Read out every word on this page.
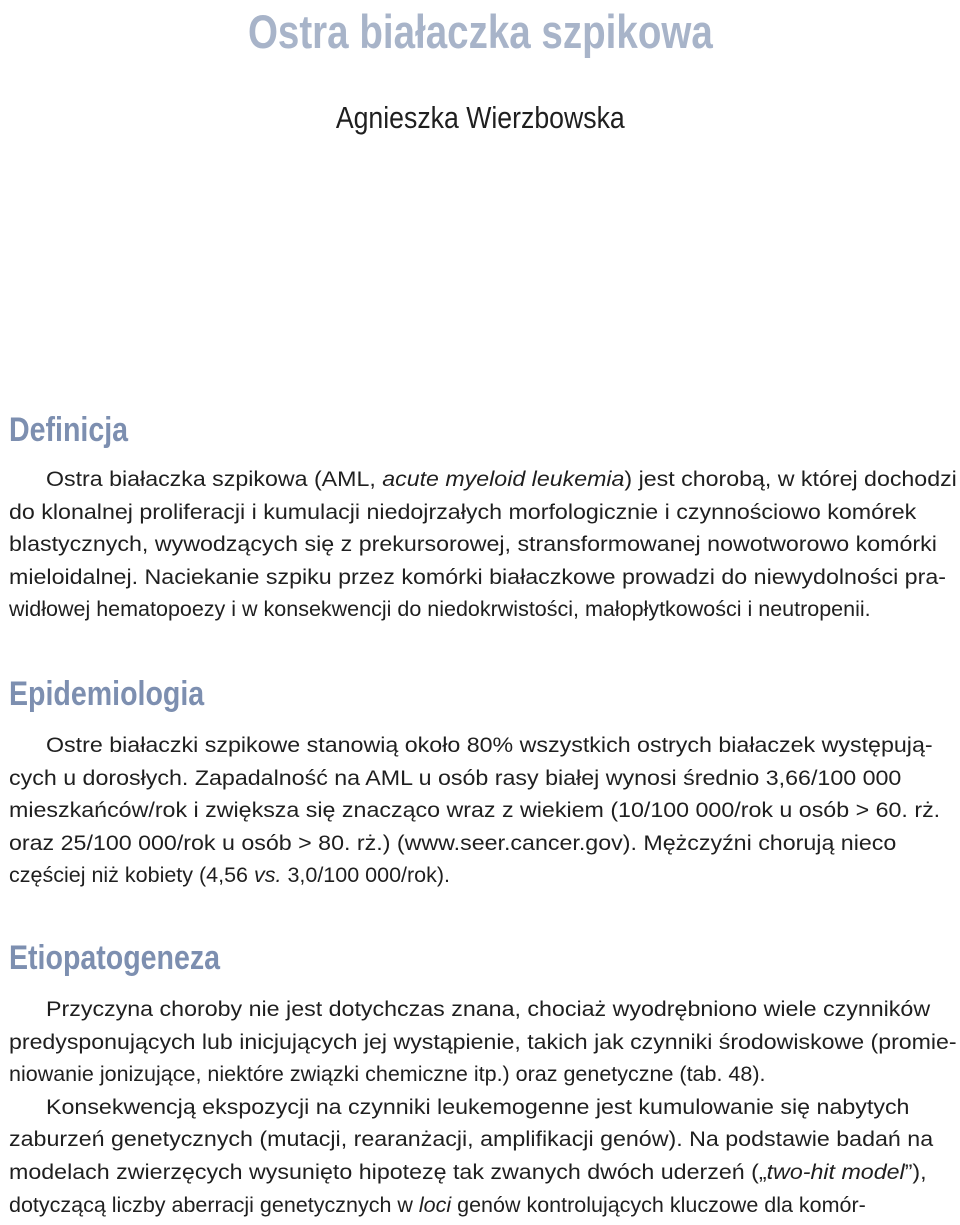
Ostra białaczka szpikowa
Agnieszka Wierzbowska
Definicja
Ostra białaczka szpikowa (AML, acute myeloid leukemia) jest chorobą, w której dochodzi
do klonalnej proliferacji i kumulacji niedojrzałych morfologicznie i czynnościowo komórek
blastycznych, wywodzących się z prekursorowej, stransformowanej nowotworowo komórki
mieloidalnej. Naciekanie szpiku przez komórki białaczkowe prowadzi do niewydolności pra-
widłowej hematopoezy i w konsekwencji do niedokrwistości, małopłytkowości i neutropenii.
Epidemiologia
Ostre białaczki szpikowe stanowią około 80% wszystkich ostrych białaczek występują-
cych u dorosłych. Zapadalność na AML u osób rasy białej wynosi średnio 3,66/100 000
mieszkańców/rok i zwiększa się znacząco wraz z wiekiem (10/100 000/rok u osób > 60. rż.
oraz 25/100 000/rok u osób > 80. rż.) (www.seer.cancer.gov). Mężczyźni chorują nieco
częściej niż kobiety (4,56 vs. 3,0/100 000/rok).
Etiopatogeneza
Przyczyna choroby nie jest dotychczas znana, chociaż wyodrębniono wiele czynników
predysponujących lub inicjujących jej wystąpienie, takich jak czynniki środowiskowe (promie-
niowanie jonizujące, niektóre związki chemiczne itp.) oraz genetyczne (tab. 48).
Konsekwencją ekspozycji na czynniki leukemogenne jest kumulowanie się nabytych
zaburzeń genetycznych (mutacji, rearanżacji, amplifikacji genów). Na podstawie badań na
modelach zwierzęcych wysunięto hipotezę tak zwanych dwóch uderzeń („two-hit model”),
dotyczącą liczby aberracji genetycznych w loci genów kontrolujących kluczowe dla komór-
